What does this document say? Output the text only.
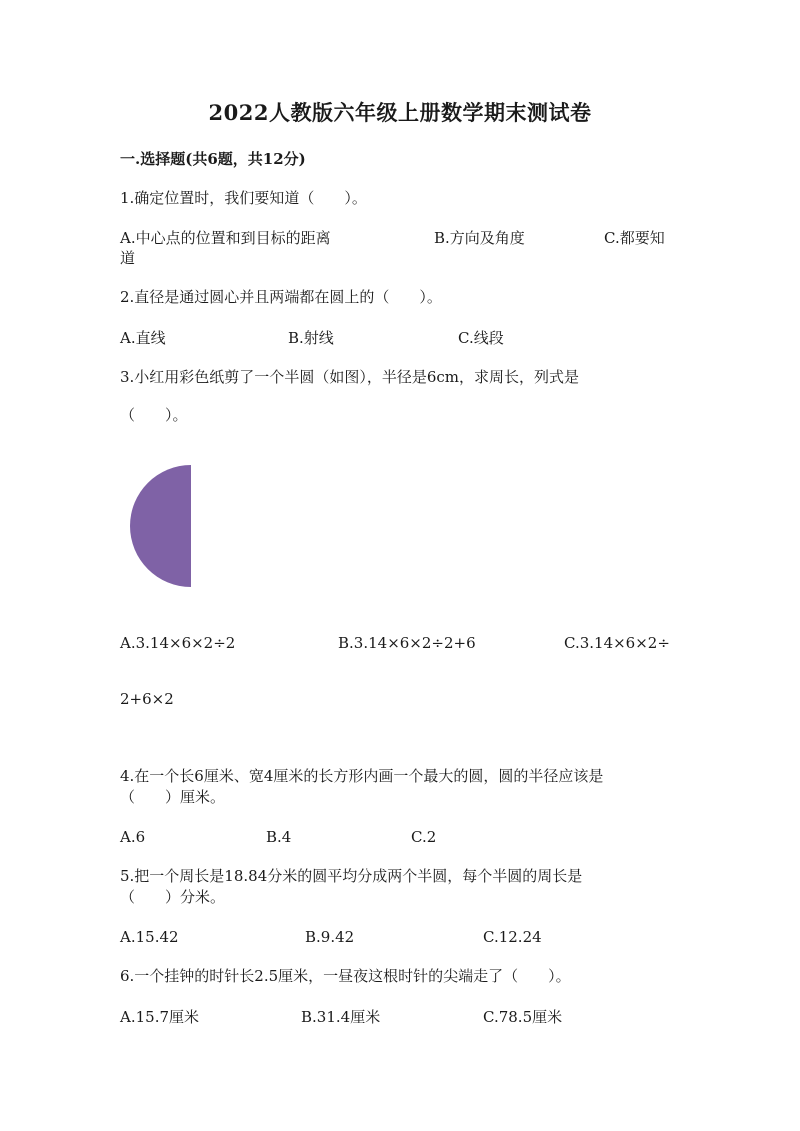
2022人教版六年级上册数学期末测试卷
一.选择题(共6题，共12分)
1.确定位置时，我们要知道（　　）。
A.中心点的位置和到目标的距离	B.方向及角度	C.都要知
道
2.直径是通过圆心并且两端都在圆上的（　　）。
A.直线	B.射线	C.线段
3.小红用彩色纸剪了一个半圆（如图），半径是6cm，求周长，列式是
（　　）。
A.3.14×6×2÷2	B.3.14×6×2÷2+6	C.3.14×6×2÷
2+6×2
4.在一个长6厘米、宽4厘米的长方形内画一个最大的圆，圆的半径应该是
（　　）厘米。
A.6	B.4	C.2
5.把一个周长是18.84分米的圆平均分成两个半圆，每个半圆的周长是
（　　）分米。
A.15.42	B.9.42	C.12.24
6.一个挂钟的时针长2.5厘米，一昼夜这根时针的尖端走了（　　）。
A.15.7厘米	B.31.4厘米	C.78.5厘米
